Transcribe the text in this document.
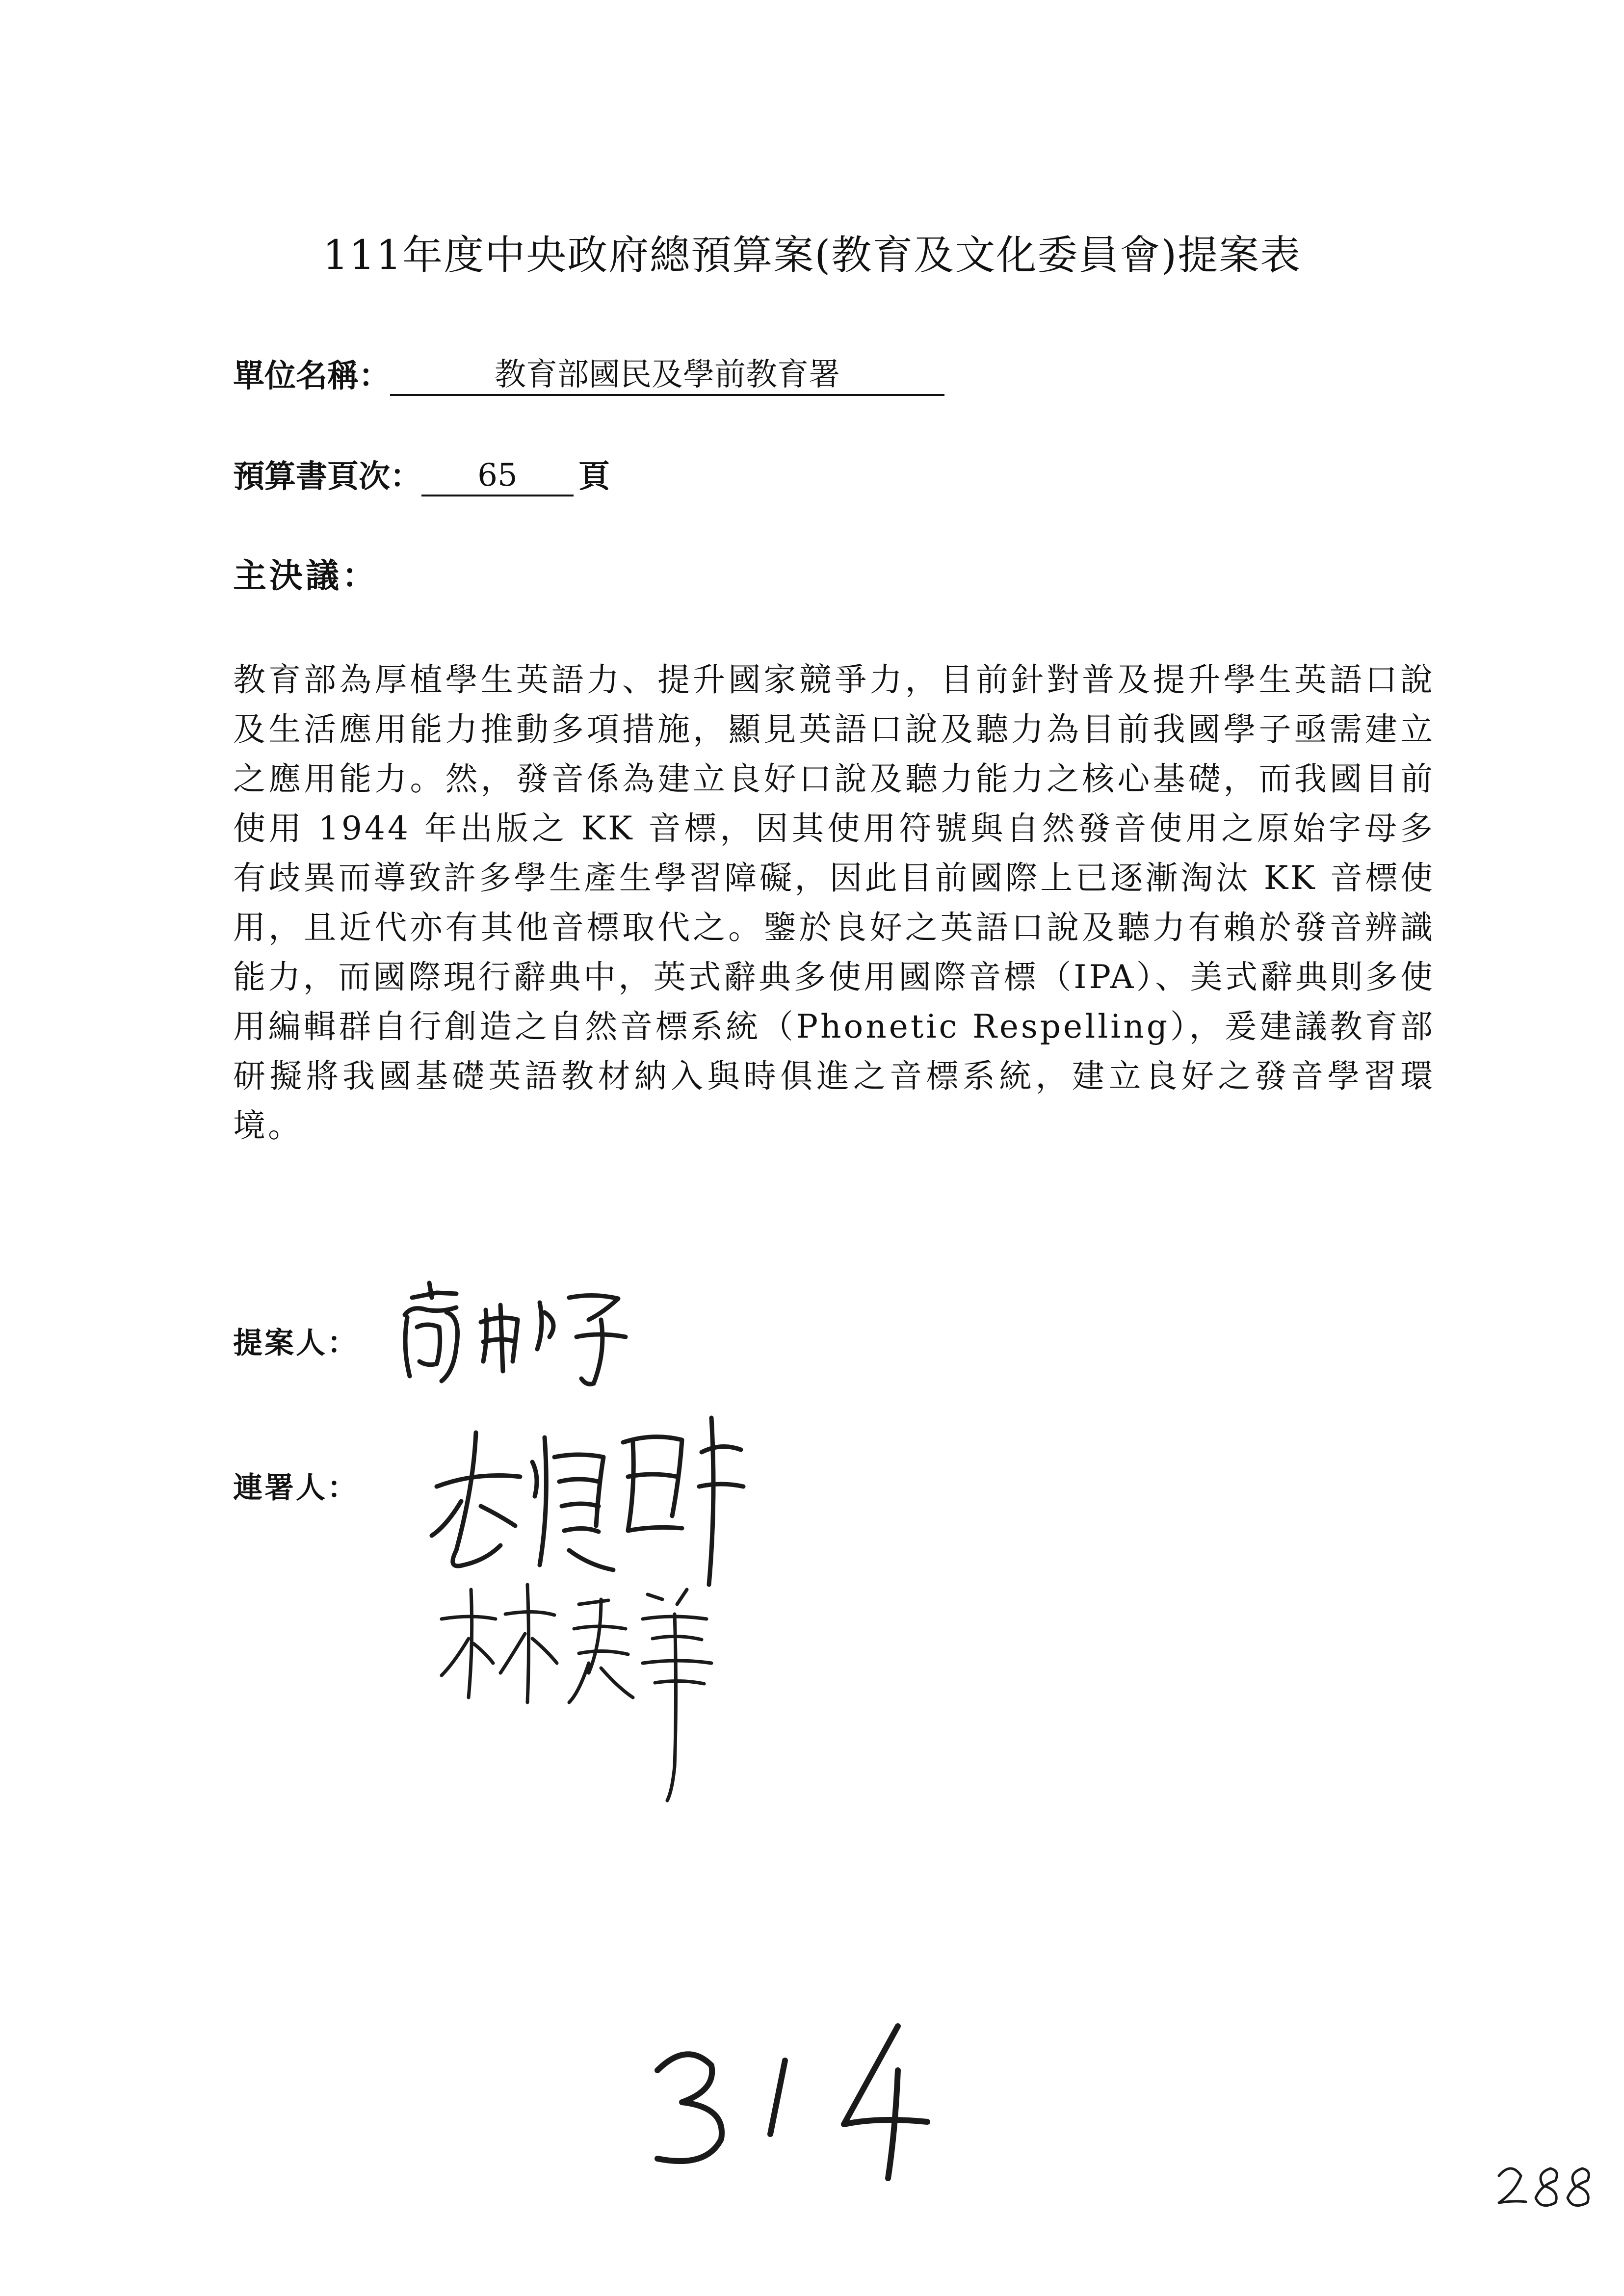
111年度中央政府總預算案(教育及文化委員會)提案表
單位名稱：	教育部國民及學前教育署
預算書頁次：	65	頁
主決議：
教育部為厚植學生英語力、提升國家競爭力，目前針對普及提升學生英語口說及生活應用能力推動多項措施，顯見英語口說及聽力為目前我國學子亟需建立之應用能力。然，發音係為建立良好口說及聽力能力之核心基礎，而我國目前使用 1944 年出版之 KK 音標，因其使用符號與自然發音使用之原始字母多有歧異而導致許多學生產生學習障礙，因此目前國際上已逐漸淘汰 KK 音標使用，且近代亦有其他音標取代之。鑒於良好之英語口說及聽力有賴於發音辨識能力，而國際現行辭典中，英式辭典多使用國際音標（IPA）、美式辭典則多使用編輯群自行創造之自然音標系統（Phonetic Respelling），爰建議教育部研擬將我國基礎英語教材納入與時俱進之音標系統，建立良好之發音學習環境。
提案人：
連署人：
